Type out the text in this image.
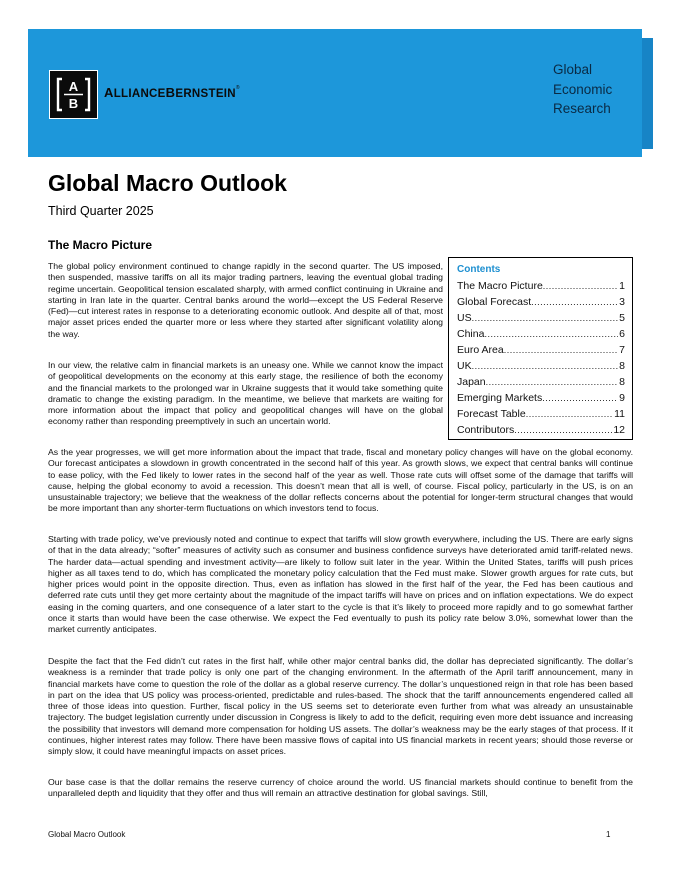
A
B
ALLIANCEBERNSTEIN®
Global
Economic
Research
Global Macro Outlook
Third Quarter 2025
The Macro Picture

The global policy environment continued to change rapidly in the second quarter. The US imposed, then suspended, massive tariffs on all its major trading partners, leaving the eventual global trading regime uncertain. Geopolitical tension escalated sharply, with armed conflict continuing in Ukraine and starting in Iran late in the quarter. Central banks around the world—except the US Federal Reserve (Fed)—cut interest rates in response to a deteriorating economic outlook. And despite all of that, most major asset prices ended the quarter more or less where they started after significant volatility along the way.

In our view, the relative calm in financial markets is an uneasy one. While we cannot know the impact of geopolitical developments on the economy at this early stage, the resilience of both the economy and the financial markets to the prolonged war in Ukraine suggests that it would take something quite dramatic to change the existing paradigm. In the meantime, we believe that markets are waiting for more information about the impact that policy and geopolitical changes will have on the global economy rather than responding preemptively in such an uncertain world.

As the year progresses, we will get more information about the impact that trade, fiscal and monetary policy changes will have on the global economy. Our forecast anticipates a slowdown in growth concentrated in the second half of this year. As growth slows, we expect that central banks will continue to ease policy, with the Fed likely to lower rates in the second half of the year as well. Those rate cuts will offset some of the damage that tariffs will cause, helping the global economy to avoid a recession. This doesn’t mean that all is well, of course. Fiscal policy, particularly in the US, is on an unsustainable trajectory; we believe that the weakness of the dollar reflects concerns about the potential for longer-term structural changes that would be more important than any shorter-term fluctuations on which investors tend to focus.

Starting with trade policy, we’ve previously noted and continue to expect that tariffs will slow growth everywhere, including the US. There are early signs of that in the data already; “softer” measures of activity such as consumer and business confidence surveys have deteriorated amid tariff-related news. The harder data—actual spending and investment activity—are likely to follow suit later in the year. Within the United States, tariffs will push prices higher as all taxes tend to do, which has complicated the monetary policy calculation that the Fed must make. Slower growth argues for rate cuts, but higher prices would point in the opposite direction. Thus, even as inflation has slowed in the first half of the year, the Fed has been cautious and deferred rate cuts until they get more certainty about the magnitude of the impact tariffs will have on prices and on inflation expectations. We do expect easing in the coming quarters, and one consequence of a later start to the cycle is that it’s likely to proceed more rapidly and to go somewhat farther once it starts than would have been the case otherwise. We expect the Fed eventually to push its policy rate below 3.0%, somewhat lower than the market currently anticipates.

Despite the fact that the Fed didn’t cut rates in the first half, while other major central banks did, the dollar has depreciated significantly. The dollar’s weakness is a reminder that trade policy is only one part of the changing environment. In the aftermath of the April tariff announcement, many in financial markets have come to question the role of the dollar as a global reserve currency. The dollar’s unquestioned reign in that role has been based in part on the idea that US policy was process-oriented, predictable and rules-based. The shock that the tariff announcements engendered called all three of those ideas into question. Further, fiscal policy in the US seems set to deteriorate even further from what was already an unsustainable trajectory. The budget legislation currently under discussion in Congress is likely to add to the deficit, requiring even more debt issuance and increasing the possibility that investors will demand more compensation for holding US assets. The dollar’s weakness may be the early stages of that process. If it continues, higher interest rates may follow. There have been massive flows of capital into US financial markets in recent years; should those reverse or simply slow, it could have meaningful impacts on asset prices.

Our base case is that the dollar remains the reserve currency of choice around the world. US financial markets should continue to benefit from the unparalleled depth and liquidity that they offer and thus will remain an attractive destination for global savings. Still,

Contents
The Macro Picture .....	1
Global Forecast .....	3
US .....	5
China .....	6
Euro Area .....	7
UK .....	8
Japan .....	8
Emerging Markets .....	9
Forecast Table .....	11
Contributors .....	12
Global Macro Outlook	1
